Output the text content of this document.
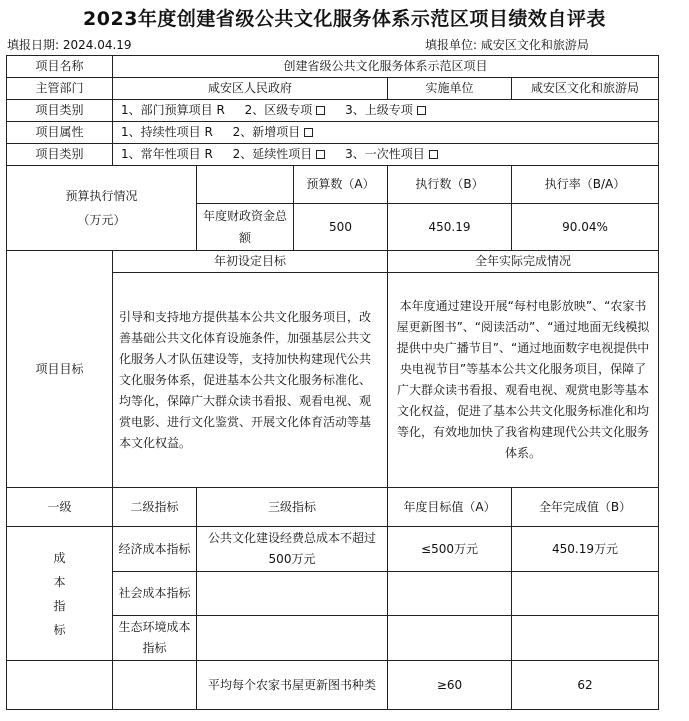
2023年度创建省级公共文化服务体系示范区项目绩效自评表
填报日期: 2024.04.19	填报单位: 咸安区文化和旅游局
项目名称	创建省级公共文化服务体系示范区项目				
主管部门	咸安区人民政府			实施单位	咸安区文化和旅游局
项目类别	1、部门预算项目 R 2、区级专项 3、上级专项				
项目属性	1、持续性项目 R 2、新增项目				
项目类别	1、常年性项目 R 2、延续性项目 3、一次性项目				

预算执行情况
（万元）			预算数（A）	执行数（B）	执行率（B/A）
		年度财政资金总额	500	450.19	90.04%
项目目标	年初设定目标			全年实际完成情况	
	引导和支持地方提供基本公共文化服务项目，改善基础公共文化体育设施条件，加强基层公共文化服务人才队伍建设等，支持加快构建现代公共文化服务体系，促进基本公共文化服务标准化、均等化，保障广大群众读书看报、观看电视、观赏电影、进行文化鉴赏、开展文化体育活动等基本文化权益。			本年度通过建设开展“每村电影放映”、“农家书屋更新图书”、“阅读活动”、“通过地面无线模拟提供中央广播节目”、“通过地面数字电视提供中央电视节目”等基本公共文化服务项目，保障了广大群众读书看报、观看电视、观赏电影等基本文化权益，促进了基本公共文化服务标准化和均等化，有效地加快了我省构建现代公共文化服务体系。	
一级	二级指标	三级指标		年度目标值（A）	全年完成值（B）

成本指标	经济成本指标	公共文化建设经费总成本不超过500万元		≤500万元	450.19万元
	社会成本指标				
	生态环境成本指标				
		平均每个农家书屋更新图书种类		≥60	62
